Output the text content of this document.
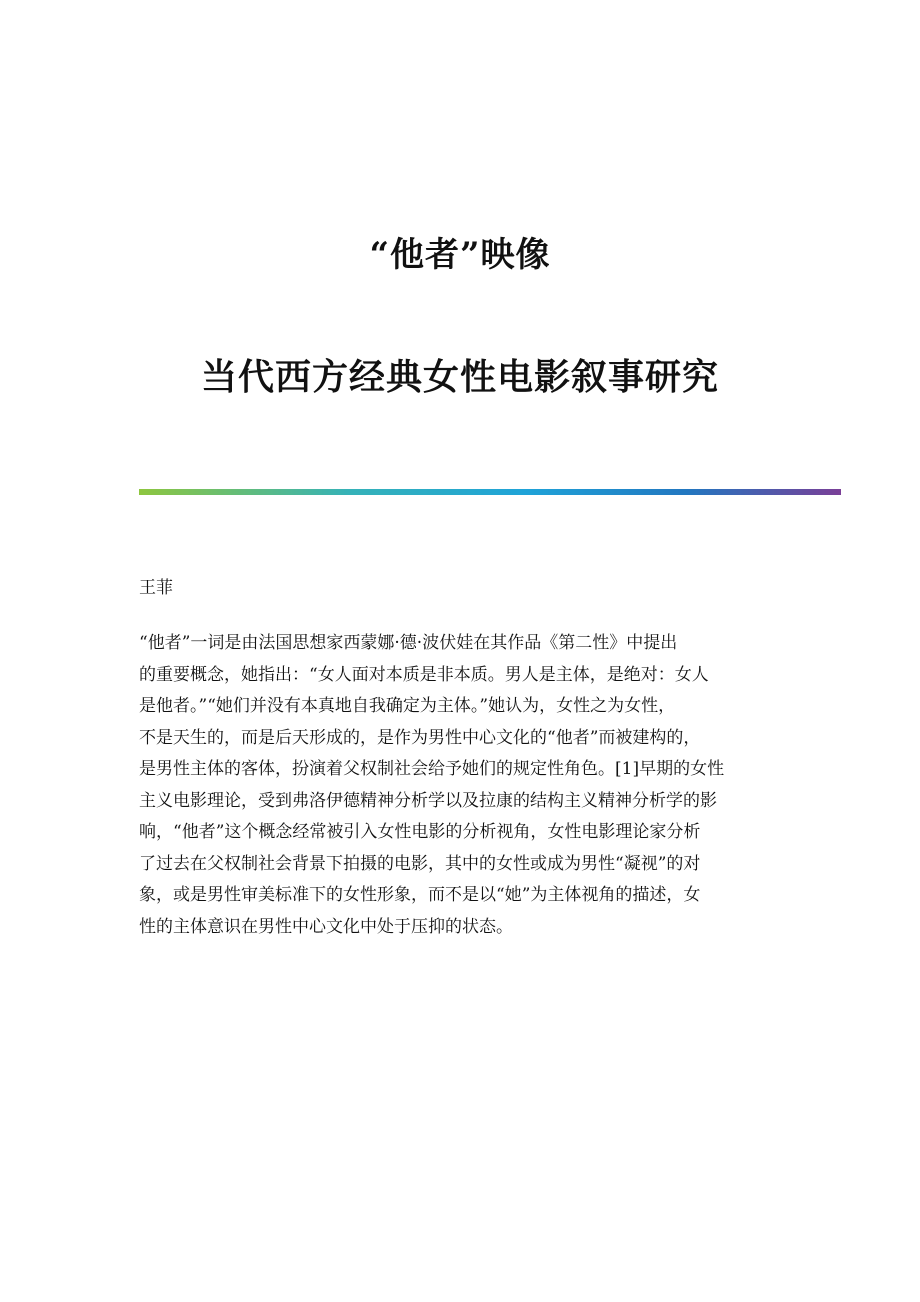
“他者”映像
当代西方经典女性电影叙事研究
王菲

“他者”一词是由法国思想家西蒙娜·德·波伏娃在其作品《第二性》中提出
的重要概念，她指出：“女人面对本质是非本质。男人是主体，是绝对：女人
是他者。”“她们并没有本真地自我确定为主体。”她认为，女性之为女性，
不是天生的，而是后天形成的，是作为男性中心文化的“他者”而被建构的，
是男性主体的客体，扮演着父权制社会给予她们的规定性角色。[1]早期的女性
主义电影理论，受到弗洛伊德精神分析学以及拉康的结构主义精神分析学的影
响，“他者”这个概念经常被引入女性电影的分析视角，女性电影理论家分析
了过去在父权制社会背景下拍摄的电影，其中的女性或成为男性“凝视”的对
象，或是男性审美标准下的女性形象，而不是以“她”为主体视角的描述，女
性的主体意识在男性中心文化中处于压抑的状态。
